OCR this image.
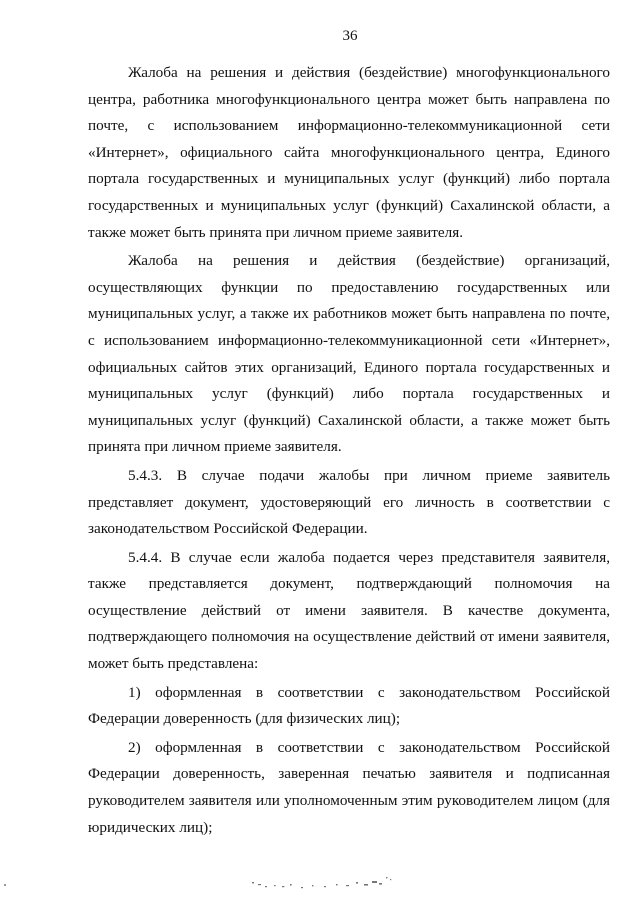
36

Жалоба на решения и действия (бездействие) многофункционального центра, работника многофункционального центра может быть направлена по почте, с использованием информационно-телекоммуникационной сети «Интернет», официального сайта многофункционального центра, Единого портала государственных и муниципальных услуг (функций) либо портала государственных и муниципальных услуг (функций) Сахалинской области, а также может быть принята при личном приеме заявителя.

Жалоба на решения и действия (бездействие) организаций, осуществляющих функции по предоставлению государственных или муниципальных услуг, а также их работников может быть направлена по почте, с использованием информационно-телекоммуникационной сети «Интернет», официальных сайтов этих организаций, Единого портала государственных и муниципальных услуг (функций) либо портала государственных и муниципальных услуг (функций) Сахалинской области, а также может быть принята при личном приеме заявителя.

5.4.3. В случае подачи жалобы при личном приеме заявитель представляет документ, удостоверяющий его личность в соответствии с законодательством Российской Федерации.

5.4.4. В случае если жалоба подается через представителя заявителя, также представляется документ, подтверждающий полномочия на осуществление действий от имени заявителя. В качестве документа, подтверждающего полномочия на осуществление действий от имени заявителя, может быть представлена:

1) оформленная в соответствии с законодательством Российской Федерации доверенность (для физических лиц);

2) оформленная в соответствии с законодательством Российской Федерации доверенность, заверенная печатью заявителя и подписанная руководителем заявителя или уполномоченным этим руководителем лицом (для юридических лиц);
